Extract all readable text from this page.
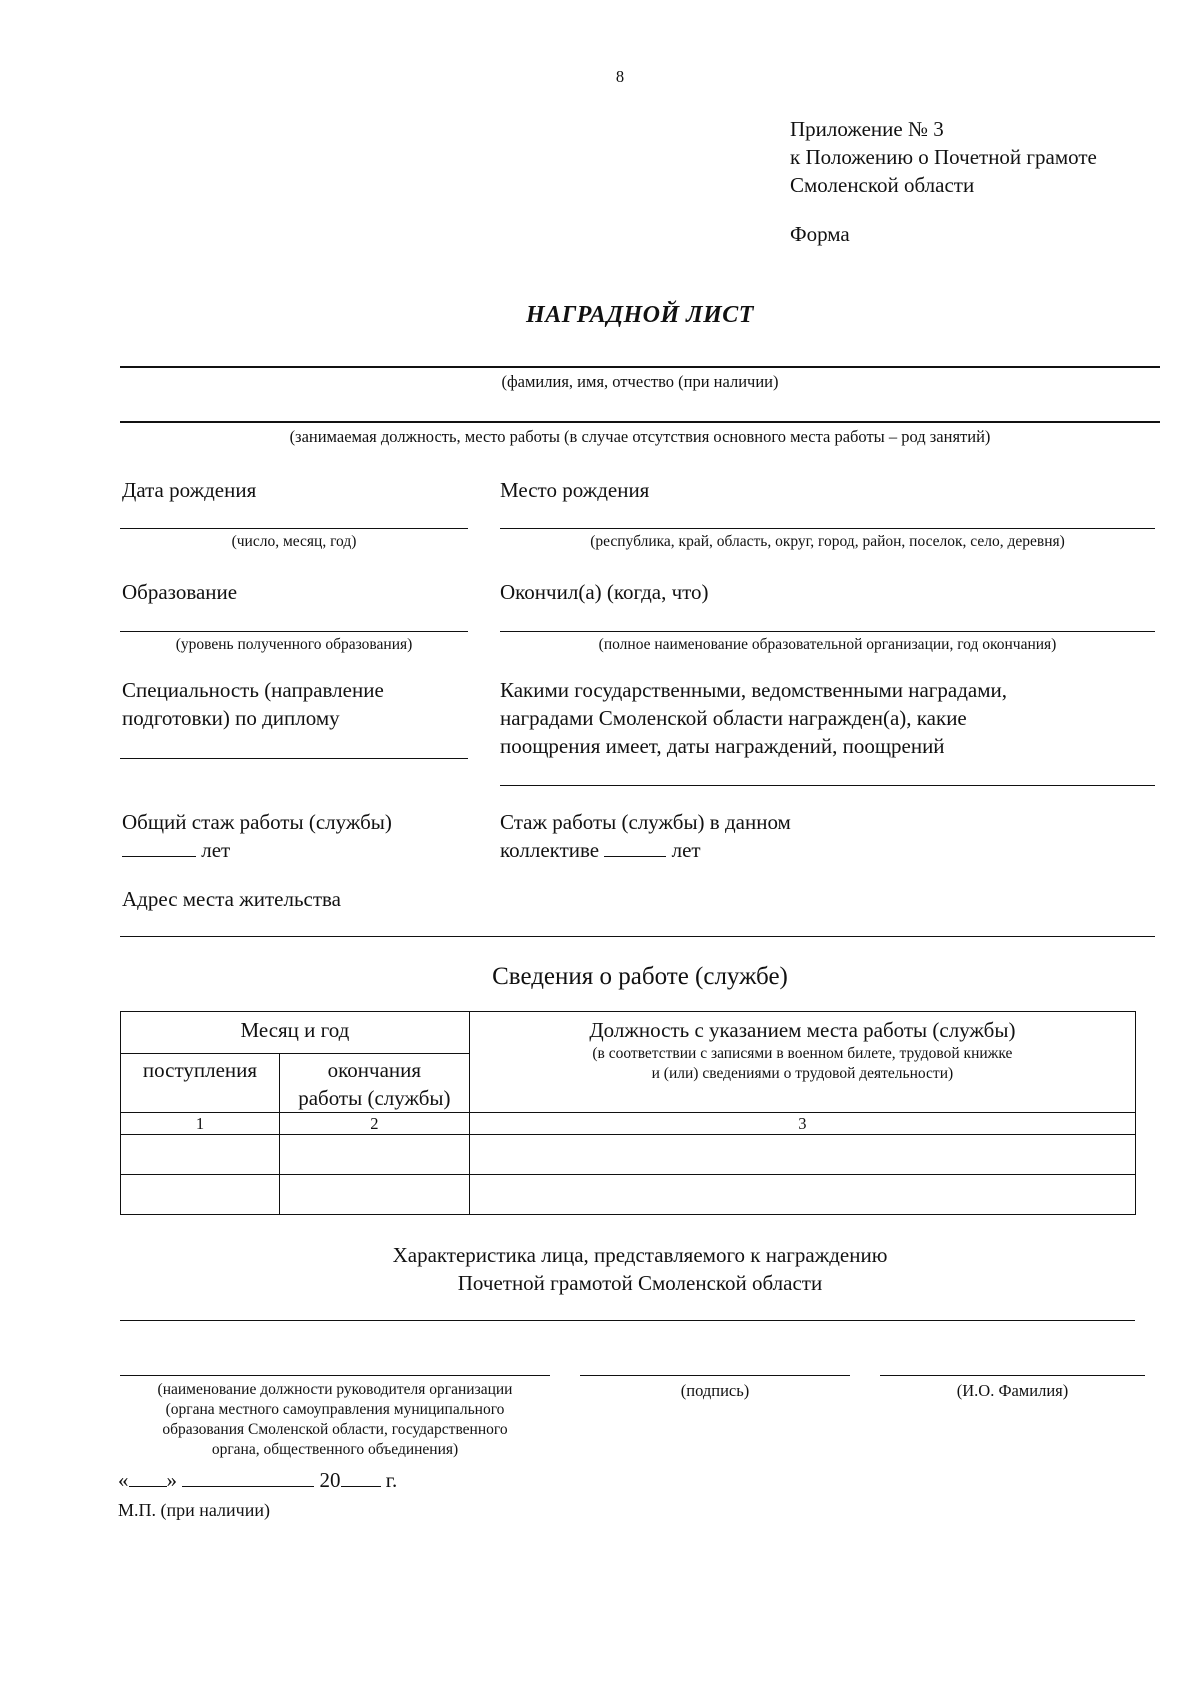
8
Приложение № 3
к Положению о Почетной грамоте
Смоленской области
Форма
НАГРАДНОЙ ЛИСТ
(фамилия, имя, отчество (при наличии)
(занимаемая должность, место работы (в случае отсутствия основного места работы – род занятий)
Дата рождения
(число, месяц, год)
Место рождения
(республика, край, область, округ, город, район, поселок, село, деревня)
Образование
(уровень полученного образования)
Окончил(а) (когда, что)
(полное наименование образовательной организации, год окончания)
Специальность (направление
подготовки) по диплому
Какими государственными, ведомственными наградами,
наградами Смоленской области награжден(а), какие
поощрения имеет, даты награждений, поощрений
Общий стаж работы (службы)
лет
Стаж работы (службы) в данном
коллективе	лет
Адрес места жительства
Сведения о работе (службе)
Месяц и год		Должность с указанием места работы (службы)
(в соответствии с записями в военном билете, трудовой книжке
и (или) сведениями о трудовой деятельности)

поступления	окончания
работы (службы)	

1	2	3

Характеристика лица, представляемого к награждению
Почетной грамотой Смоленской области
(наименование должности руководителя организации
(органа местного самоуправления муниципального
образования Смоленской области, государственного
органа, общественного объединения)
(подпись)	(И.О. Фамилия)
« »	20 г.
М.П. (при наличии)
